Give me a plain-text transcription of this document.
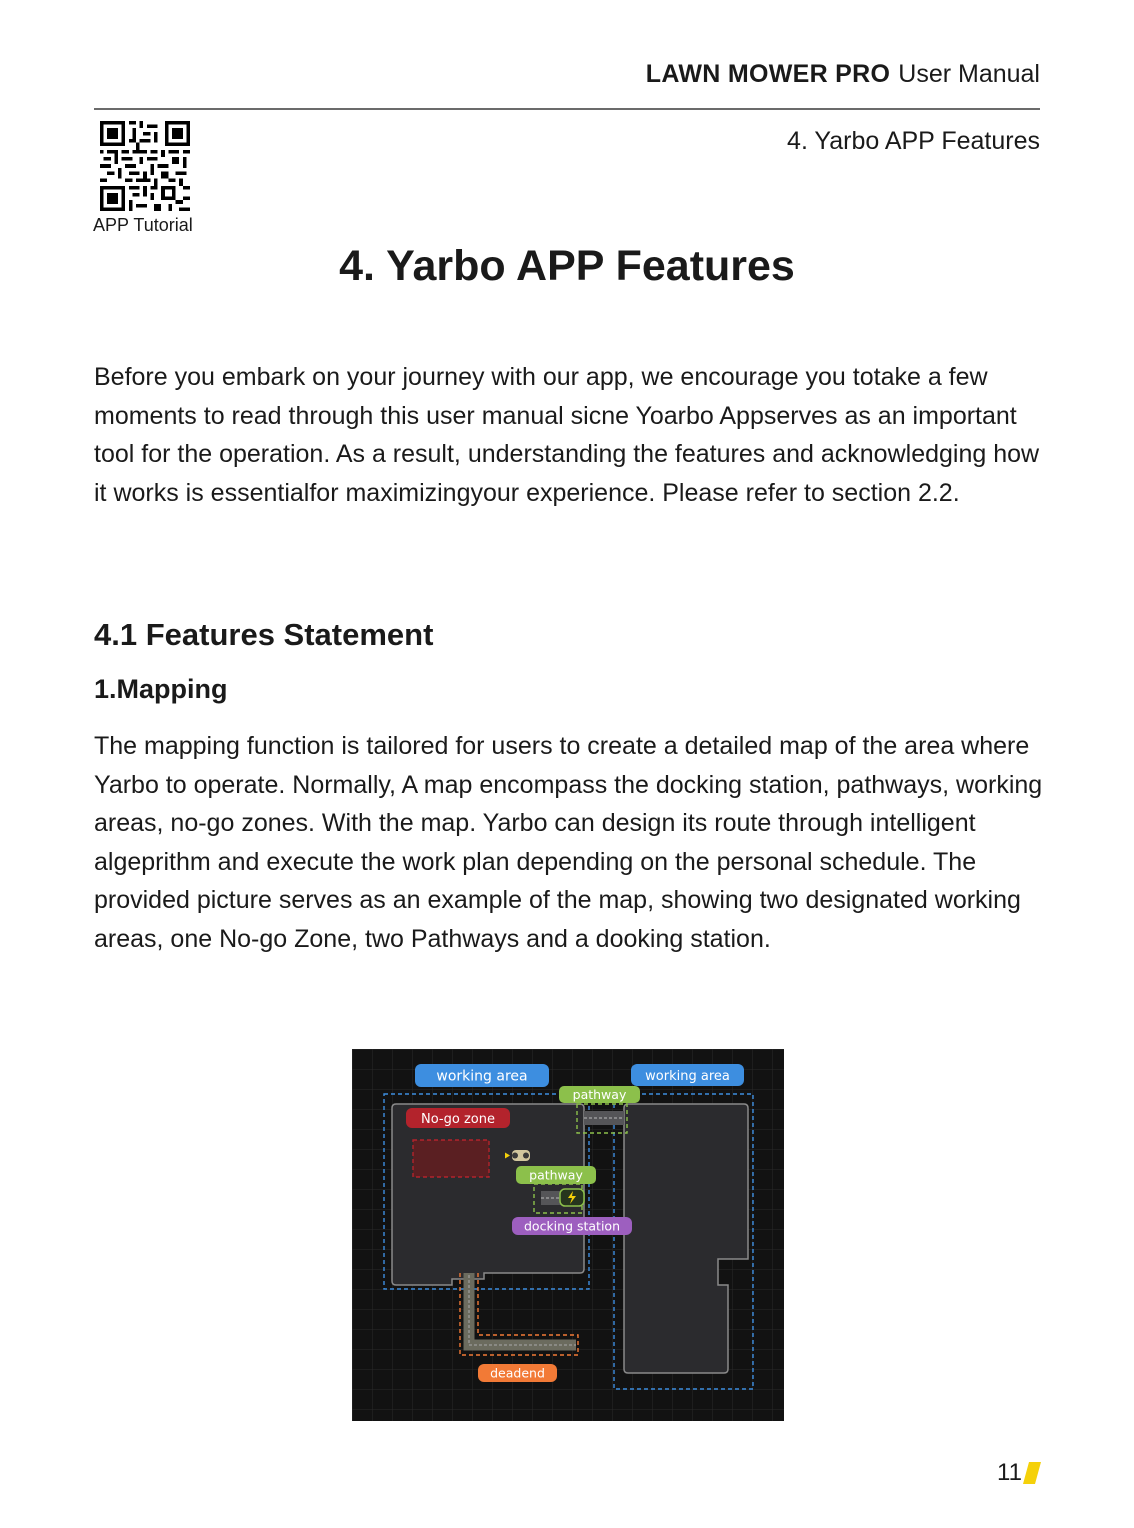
LAWN MOWER PRO User Manual
4. Yarbo APP Features
APP Tutorial
4. Yarbo APP Features

Before you embark on your journey with our app, we encourage you totake a few moments to read through this user manual sicne Yoarbo Appserves as an important tool for the operation. As a result, understanding the features and acknowledging how it works is essentialfor maximizingyour experience. Please refer to section 2.2.

4.1 Features Statement
1.Mapping

The mapping function is tailored for users to create a detailed map of the area where Yarbo to operate. Normally, A map encompass the docking station, pathways, working areas, no-go zones. With the map. Yarbo can design its route through intelligent algeprithm and execute the work plan depending on the personal schedule. The provided picture serves as an example of the map, showing two designated working areas, one No-go Zone, two Pathways and a dooking station.

working area	working area
pathway
No-go zone
pathway
docking station
deadend
11
